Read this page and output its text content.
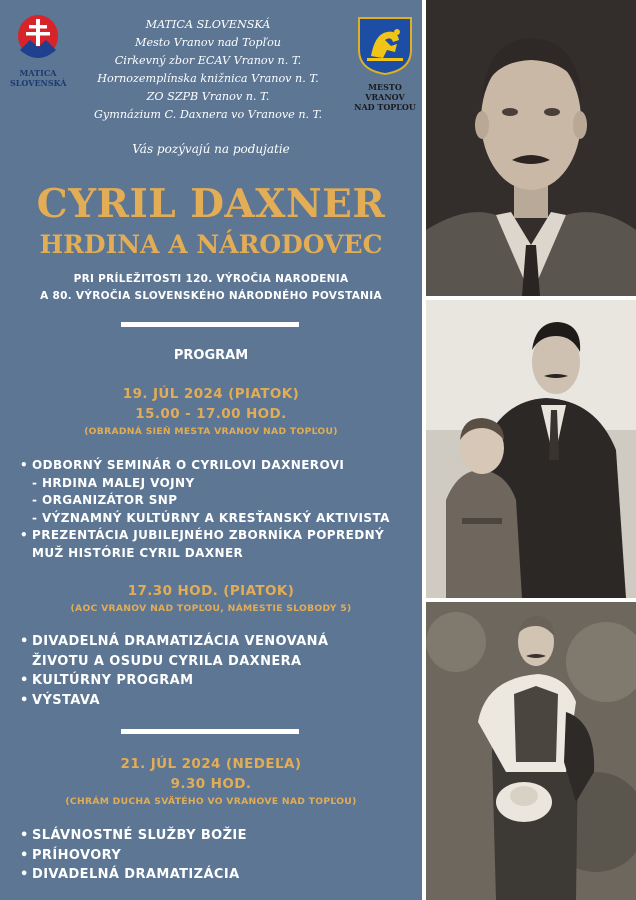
MATICA
SLOVENSKÁ
MATICA SLOVENSKÁ
Mesto Vranov nad Topľou
Cirkevný zbor ECAV Vranov n. T.
Hornozemplínska knižnica Vranov n. T.
ZO SZPB Vranov n. T.
Gymnázium C. Daxnera vo Vranove n. T.
MESTO
VRANOV
NAD TOPĽOU
Vás pozývajú na podujatie
CYRIL DAXNER
HRDINA A NÁRODOVEC
PRI PRÍLEŽITOSTI 120. VÝROČIA NARODENIA
A 80. VÝROČIA SLOVENSKÉHO NÁRODNÉHO POVSTANIA
PROGRAM
19. JÚL 2024 (PIATOK)
15.00 - 17.00 HOD.
(OBRADNÁ SIEŇ MESTA VRANOV NAD TOPĽOU)
• ODBORNÝ SEMINÁR O CYRILOVI DAXNEROVI
- HRDINA MALEJ VOJNY
- ORGANIZÁTOR SNP
- VÝZNAMNÝ KULTÚRNY A KRESŤANSKÝ AKTIVISTA
• PREZENTÁCIA JUBILEJNÉHO ZBORNÍKA POPREDNÝ
MUŽ HISTÓRIE CYRIL DAXNER
17.30 HOD. (PIATOK)
(AOC VRANOV NAD TOPĽOU, NÁMESTIE SLOBODY 5)
• DIVADELNÁ DRAMATIZÁCIA VENOVANÁ
ŽIVOTU A OSUDU CYRILA DAXNERA
• KULTÚRNY PROGRAM
• VÝSTAVA
21. JÚL 2024 (NEDEĽA)
9.30 HOD.
(CHRÁM DUCHA SVÄTÉHO VO VRANOVE NAD TOPĽOU)
• SLÁVNOSTNÉ SLUŽBY BOŽIE
• PRÍHOVORY
• DIVADELNÁ DRAMATIZÁCIA
